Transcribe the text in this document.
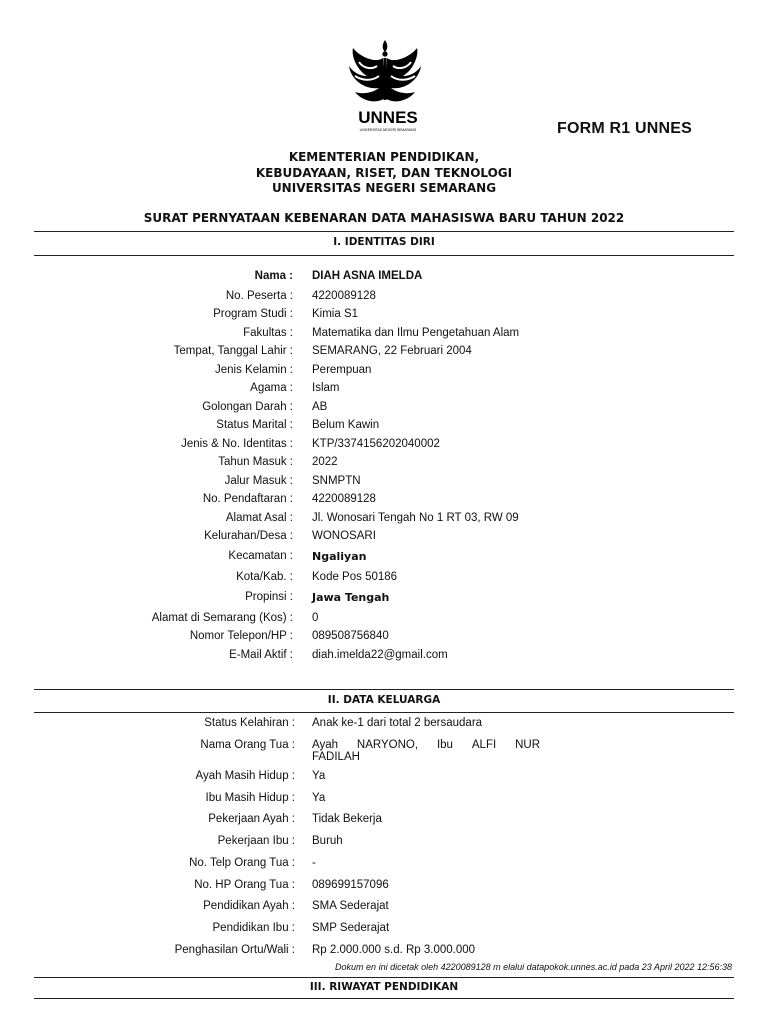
UNNES
UNIVERSITAS NEGERI SEMARANG	FORM R1 UNNES
KEMENTERIAN PENDIDIKAN,
KEBUDAYAAN, RISET, DAN TEKNOLOGI
UNIVERSITAS NEGERI SEMARANG
SURAT PERNYATAAN KEBENARAN DATA MAHASISWA BARU TAHUN 2022
I. IDENTITAS DIRI
Nama : DIAH ASNA IMELDA
No. Peserta : 4220089128
Program Studi : Kimia S1
Fakultas : Matematika dan Ilmu Pengetahuan Alam
Tempat, Tanggal Lahir : SEMARANG, 22 Februari 2004
Jenis Kelamin : Perempuan
Agama : Islam
Golongan Darah : AB
Status Marital : Belum Kawin
Jenis & No. Identitas : KTP/3374156202040002
Tahun Masuk : 2022
Jalur Masuk : SNMPTN
No. Pendaftaran : 4220089128
Alamat Asal : Jl. Wonosari Tengah No 1 RT 03, RW 09
Kelurahan/Desa : WONOSARI
Kecamatan : Ngaliyan
Kota/Kab. : Kode Pos 50186
Propinsi : Jawa Tengah
Alamat di Semarang (Kos) : 0
Nomor Telepon/HP : 089508756840
E-Mail Aktif : diah.imelda22@gmail.com
II. DATA KELUARGA
Status Kelahiran : Anak ke-1 dari total 2 bersaudara
Nama Orang Tua : Ayah NARYONO, Ibu ALFI NUR
FADILAH
Ayah Masih Hidup : Ya
Ibu Masih Hidup : Ya
Pekerjaan Ayah : Tidak Bekerja
Pekerjaan Ibu : Buruh
No. Telp Orang Tua : -
No. HP Orang Tua : 089699157096
Pendidikan Ayah : SMA Sederajat
Pendidikan Ibu : SMP Sederajat
Penghasilan Ortu/Wali : Rp 2.000.000 s.d. Rp 3.000.000
Dokum en ini dicetak oleh 4220089128 m elalui datapokok.unnes.ac.id pada 23 April 2022 12:56:38
III. RIWAYAT PENDIDIKAN
